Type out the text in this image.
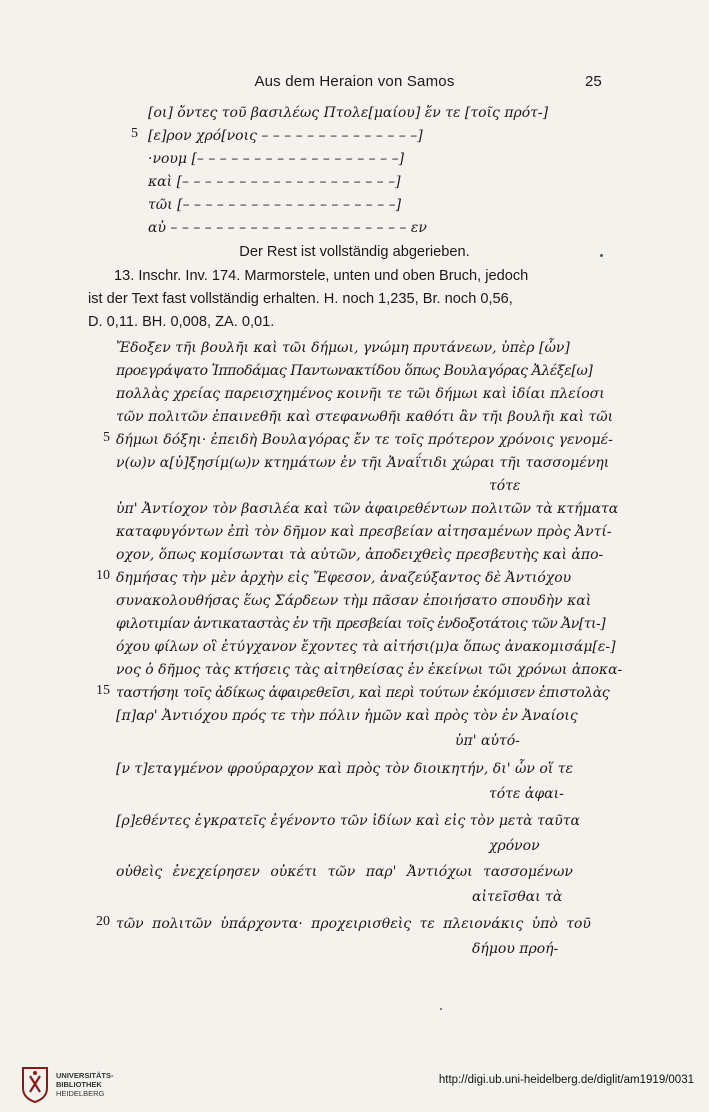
Aus dem Heraion von Samos	25
[οι] ὄντες τοῦ βασιλέως Πτολε[μαίου] ἔν τε [τοῖς πρότ-]
5 [ε]ρον χρό[νοις – – – – – – – – – – – – – –]
·νουμ [– – – – – – – – – – – – – – – – – –]
καὶ [– – – – – – – – – – – – – – – – – – –]
τῶι [– – – – – – – – – – – – – – – – – – –]
αὐ – – – – – – – – – – – – – – – – – – – – – εν
Der Rest ist vollständig abgerieben.
13. Inschr. Inv. 174. Marmorstele, unten und oben Bruch, jedoch
ist der Text fast vollständig erhalten. H. noch 1,235, Br. noch 0,56,
D. 0,11. BH. 0,008, ZA. 0,01.
Ἔδοξεν τῆι βουλῆι καὶ τῶι δήμωι, γνώμη πρυτάνεων, ὑπὲρ [ὧν]
προεγράψατο Ἱπποδάμας Παντωνακτίδου ὅπως Βουλαγόρας Ἀλέξε[ω]
πολλὰς χρείας παρεισχημένος κοινῆι τε τῶι δήμωι καὶ ἰδίαι πλείοσι
τῶν πολιτῶν ἐπαινεθῆι καὶ στεφανωθῆι καθότι ἂν τῆι βουλῆι καὶ τῶι
5 δήμωι δόξηι· ἐπειδὴ Βουλαγόρας ἔν τε τοῖς πρότερον χρόνοις γενομέ-
ν(ω)ν α[ὐ]ξησίμ(ω)ν κτημάτων ἐν τῆι Ἀναΐτιδι χώραι τῆι τασσομένηι
τότε
ὑπ' Ἀντίοχον τὸν βασιλέα καὶ τῶν ἀφαιρεθέντων πολιτῶν τὰ κτήματα
καταφυγόντων ἐπὶ τὸν δῆμον καὶ πρεσβείαν αἰτησαμένων πρὸς Ἀντί-
οχον, ὅπως κομίσωνται τὰ αὐτῶν, ἀποδειχθεὶς πρεσβευτὴς καὶ ἀπο-
10 δημήσας τὴν μὲν ἀρχὴν εἰς Ἔφεσον, ἀναζεύξαντος δὲ Ἀντιόχου
συνακολουθήσας ἕως Σάρδεων τὴμ πᾶσαν ἐποιήσατο σπουδὴν καὶ
φιλοτιμίαν ἀντικαταστὰς ἐν τῆι πρεσβείαι τοῖς ἐνδοξοτάτοις τῶν Ἀν[τι-]
όχου φίλων οἳ ἐτύγχανον ἔχοντες τὰ αἰτήσι(μ)α ὅπως ἀνακομισάμ[ε-]
νος ὁ δῆμος τὰς κτήσεις τὰς αἰτηθείσας ἐν ἐκείνωι τῶι χρόνωι ἀποκα-
15 ταστήσηι τοῖς ἀδίκως ἀφαιρεθεῖσι, καὶ περὶ τούτων ἐκόμισεν ἐπιστολὰς
[π]αρ' Ἀντιόχου πρός τε τὴν πόλιν ἡμῶν καὶ πρὸς τὸν ἐν Ἀναίοις
ὑπ' αὐτό-
[ν τ]εταγμένον φρούραρχον καὶ πρὸς τὸν διοικητήν, δι' ὧν οἵ τε
τότε ἀφαι-
[ρ]εθέντες ἐγκρατεῖς ἐγένοντο τῶν ἰδίων καὶ εἰς τὸν μετὰ ταῦτα
χρόνον
οὐθεὶς ἐνεχείρησεν οὐκέτι τῶν παρ' Ἀντιόχωι τασσομένων
αἰτεῖσθαι τὰ
20 τῶν πολιτῶν ὑπάρχοντα· προχειρισθεὶς τε πλειονάκις ὑπὸ τοῦ
δήμου προή-
UNIVERSITÄTS-
BIBLIOTHEK
HEIDELBERG
http://digi.ub.uni-heidelberg.de/diglit/am1919/0031
